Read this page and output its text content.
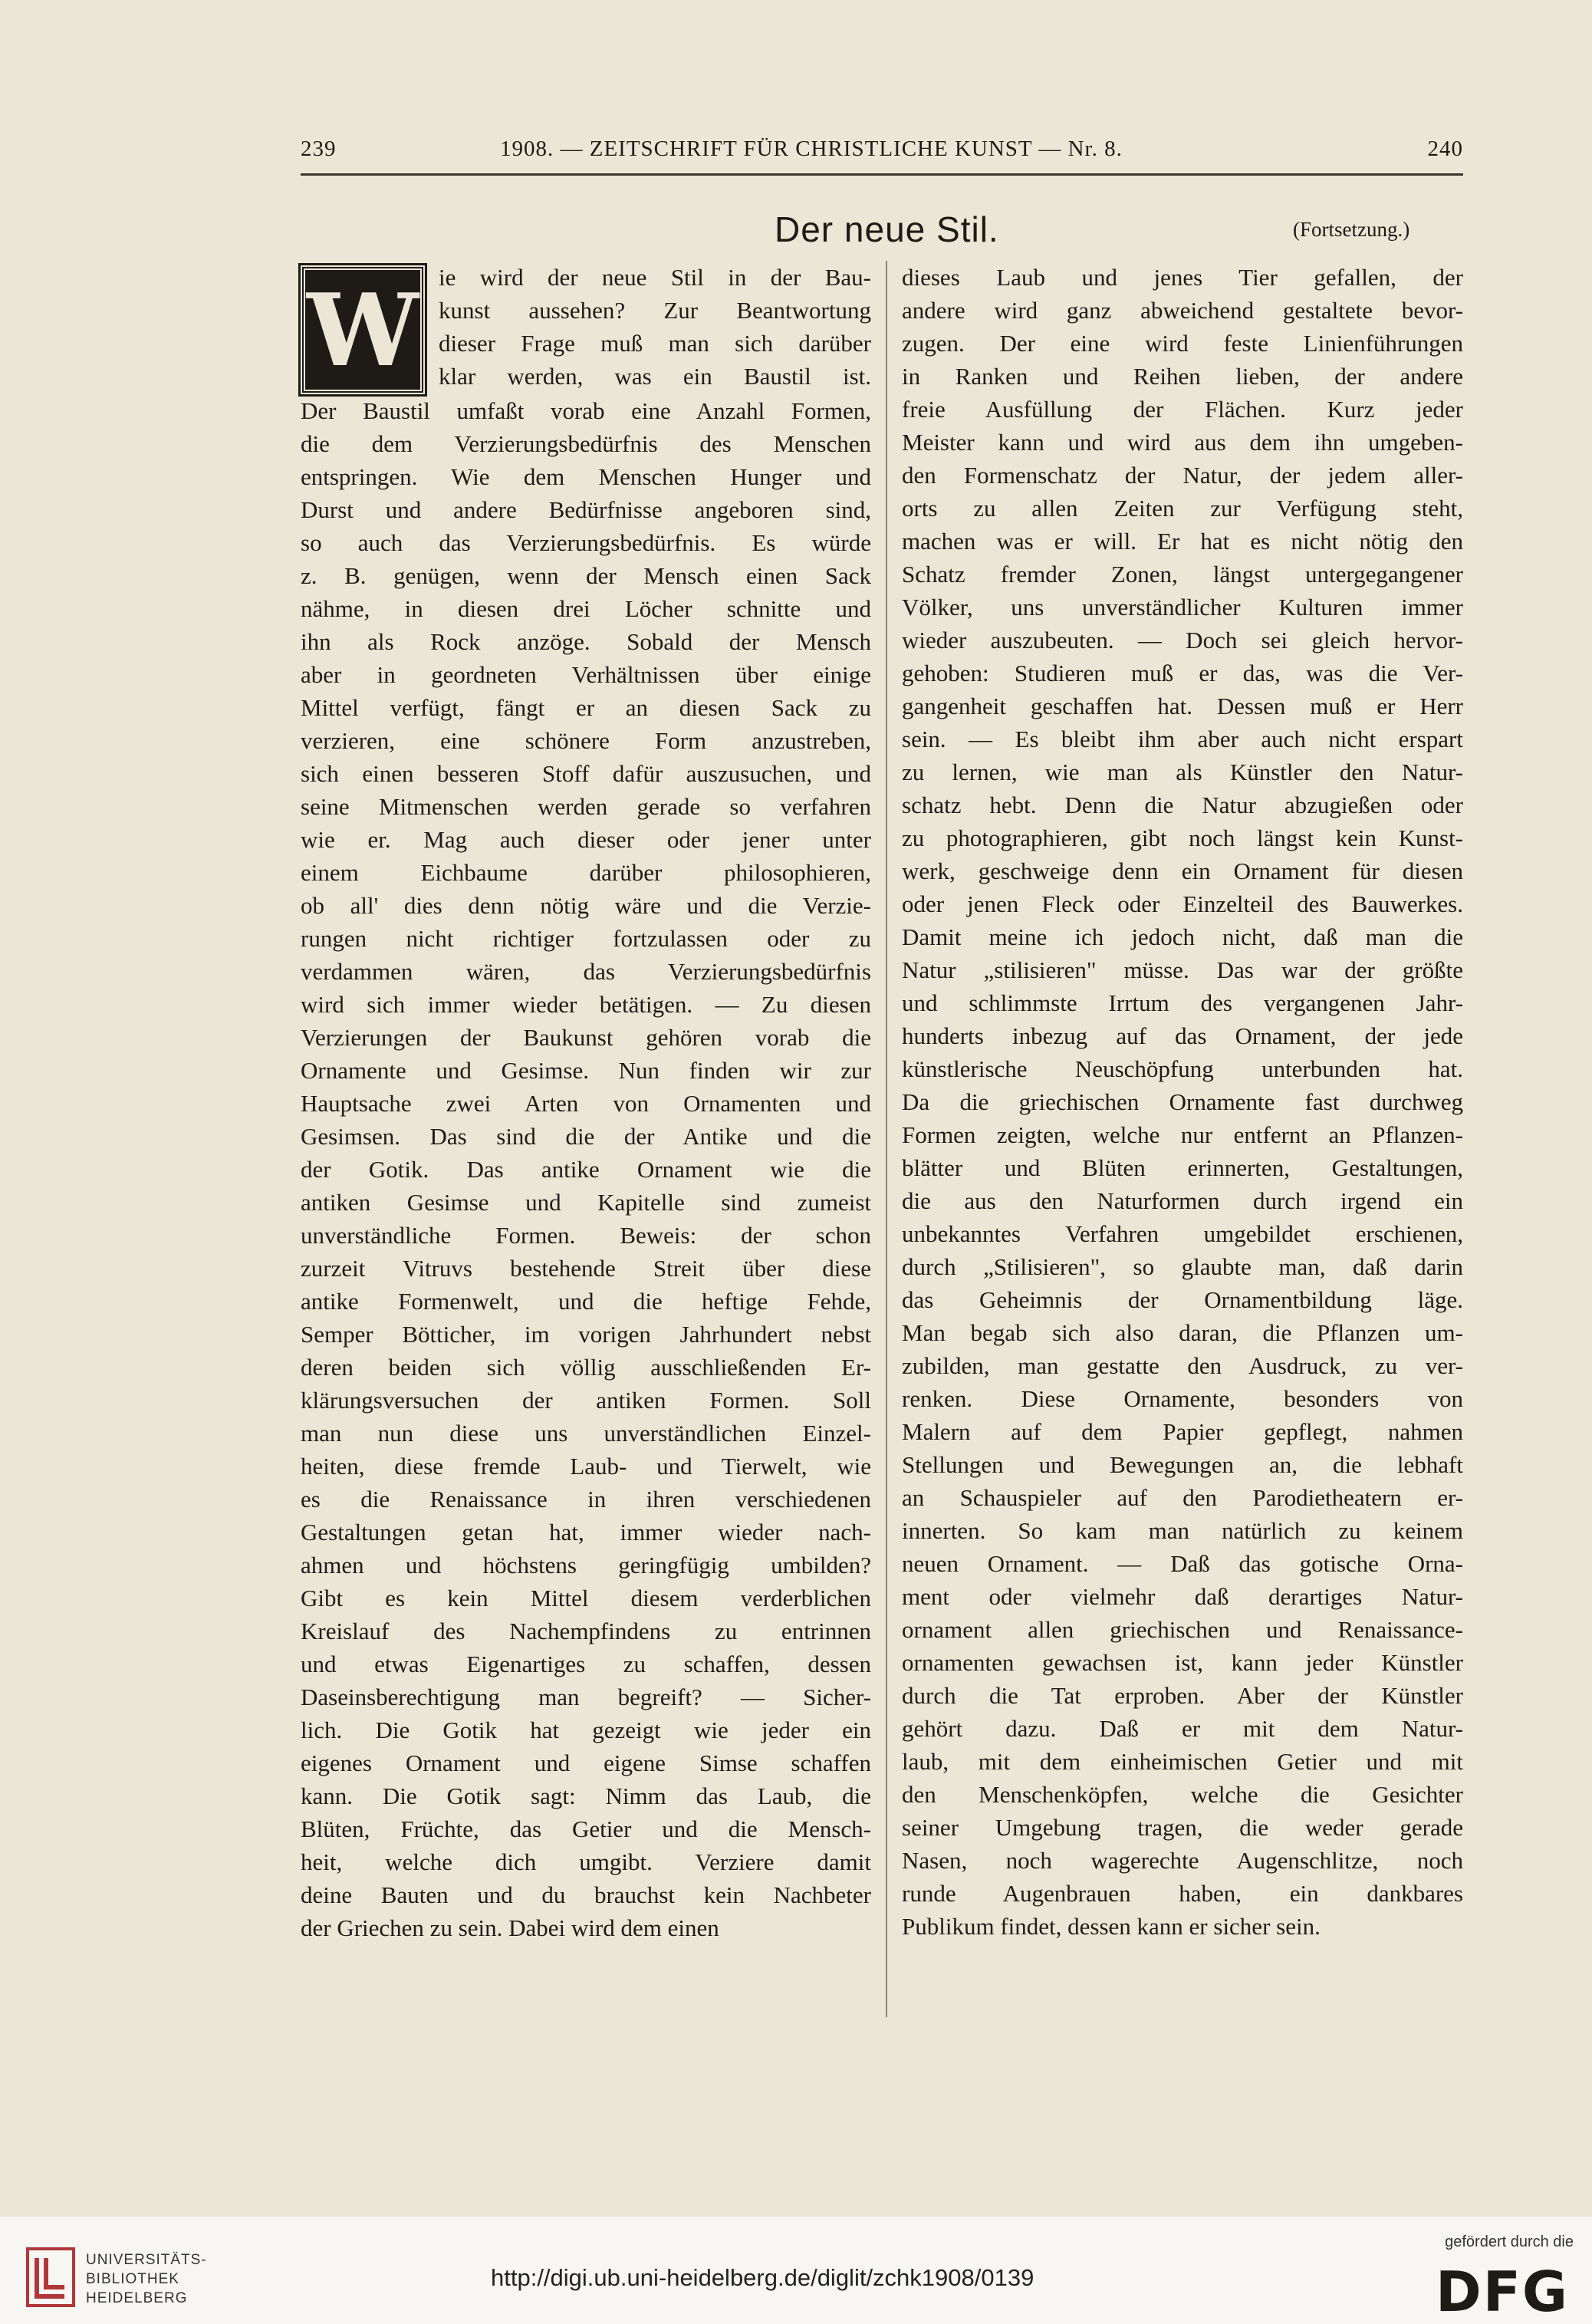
239	1908. — ZEITSCHRIFT FÜR CHRISTLICHE KUNST — Nr. 8.	240
Der neue Stil.	(Fortsetzung.)
W ie wird der neue Stil in der Bau-
kunst aussehen? Zur Beantwortung
dieser Frage muß man sich darüber
klar werden, was ein Baustil ist.
Der Baustil umfaßt vorab eine Anzahl Formen,
die dem Verzierungsbedürfnis des Menschen
entspringen. Wie dem Menschen Hunger und
Durst und andere Bedürfnisse angeboren sind,
so auch das Verzierungsbedürfnis. Es würde
z. B. genügen, wenn der Mensch einen Sack
nähme, in diesen drei Löcher schnitte und
ihn als Rock anzöge. Sobald der Mensch
aber in geordneten Verhältnissen über einige
Mittel verfügt, fängt er an diesen Sack zu
verzieren, eine schönere Form anzustreben,
sich einen besseren Stoff dafür auszusuchen, und
seine Mitmenschen werden gerade so verfahren
wie er. Mag auch dieser oder jener unter
einem Eichbaume darüber philosophieren,
ob all' dies denn nötig wäre und die Verzie-
rungen nicht richtiger fortzulassen oder zu
verdammen wären, das Verzierungsbedürfnis
wird sich immer wieder betätigen. — Zu diesen
Verzierungen der Baukunst gehören vorab die
Ornamente und Gesimse. Nun finden wir zur
Hauptsache zwei Arten von Ornamenten und
Gesimsen. Das sind die der Antike und die
der Gotik. Das antike Ornament wie die
antiken Gesimse und Kapitelle sind zumeist
unverständliche Formen. Beweis: der schon
zurzeit Vitruvs bestehende Streit über diese
antike Formenwelt, und die heftige Fehde,
Semper Bötticher, im vorigen Jahrhundert nebst
deren beiden sich völlig ausschließenden Er-
klärungsversuchen der antiken Formen. Soll
man nun diese uns unverständlichen Einzel-
heiten, diese fremde Laub- und Tierwelt, wie
es die Renaissance in ihren verschiedenen
Gestaltungen getan hat, immer wieder nach-
ahmen und höchstens geringfügig umbilden?
Gibt es kein Mittel diesem verderblichen
Kreislauf des Nachempfindens zu entrinnen
und etwas Eigenartiges zu schaffen, dessen
Daseinsberechtigung man begreift? — Sicher-
lich. Die Gotik hat gezeigt wie jeder ein
eigenes Ornament und eigene Simse schaffen
kann. Die Gotik sagt: Nimm das Laub, die
Blüten, Früchte, das Getier und die Mensch-
heit, welche dich umgibt. Verziere damit
deine Bauten und du brauchst kein Nachbeter
der Griechen zu sein. Dabei wird dem einen
dieses Laub und jenes Tier gefallen, der
andere wird ganz abweichend gestaltete bevor-
zugen. Der eine wird feste Linienführungen
in Ranken und Reihen lieben, der andere
freie Ausfüllung der Flächen. Kurz jeder
Meister kann und wird aus dem ihn umgeben-
den Formenschatz der Natur, der jedem aller-
orts zu allen Zeiten zur Verfügung steht,
machen was er will. Er hat es nicht nötig den
Schatz fremder Zonen, längst untergegangener
Völker, uns unverständlicher Kulturen immer
wieder auszubeuten. — Doch sei gleich hervor-
gehoben: Studieren muß er das, was die Ver-
gangenheit geschaffen hat. Dessen muß er Herr
sein. — Es bleibt ihm aber auch nicht erspart
zu lernen, wie man als Künstler den Natur-
schatz hebt. Denn die Natur abzugießen oder
zu photographieren, gibt noch längst kein Kunst-
werk, geschweige denn ein Ornament für diesen
oder jenen Fleck oder Einzelteil des Bauwerkes.
Damit meine ich jedoch nicht, daß man die
Natur „stilisieren" müsse. Das war der größte
und schlimmste Irrtum des vergangenen Jahr-
hunderts inbezug auf das Ornament, der jede
künstlerische Neuschöpfung unterbunden hat.
Da die griechischen Ornamente fast durchweg
Formen zeigten, welche nur entfernt an Pflanzen-
blätter und Blüten erinnerten, Gestaltungen,
die aus den Naturformen durch irgend ein
unbekanntes Verfahren umgebildet erschienen,
durch „Stilisieren", so glaubte man, daß darin
das Geheimnis der Ornamentbildung läge.
Man begab sich also daran, die Pflanzen um-
zubilden, man gestatte den Ausdruck, zu ver-
renken. Diese Ornamente, besonders von
Malern auf dem Papier gepflegt, nahmen
Stellungen und Bewegungen an, die lebhaft
an Schauspieler auf den Parodietheatern er-
innerten. So kam man natürlich zu keinem
neuen Ornament. — Daß das gotische Orna-
ment oder vielmehr daß derartiges Natur-
ornament allen griechischen und Renaissance-
ornamenten gewachsen ist, kann jeder Künstler
durch die Tat erproben. Aber der Künstler
gehört dazu. Daß er mit dem Natur-
laub, mit dem einheimischen Getier und mit
den Menschenköpfen, welche die Gesichter
seiner Umgebung tragen, die weder gerade
Nasen, noch wagerechte Augenschlitze, noch
runde Augenbrauen haben, ein dankbares
Publikum findet, dessen kann er sicher sein.
UNIVERSITÄTS-
BIBLIOTHEK
HEIDELBERG
http://digi.ub.uni-heidelberg.de/diglit/zchk1908/0139
gefördert durch die
DFG
